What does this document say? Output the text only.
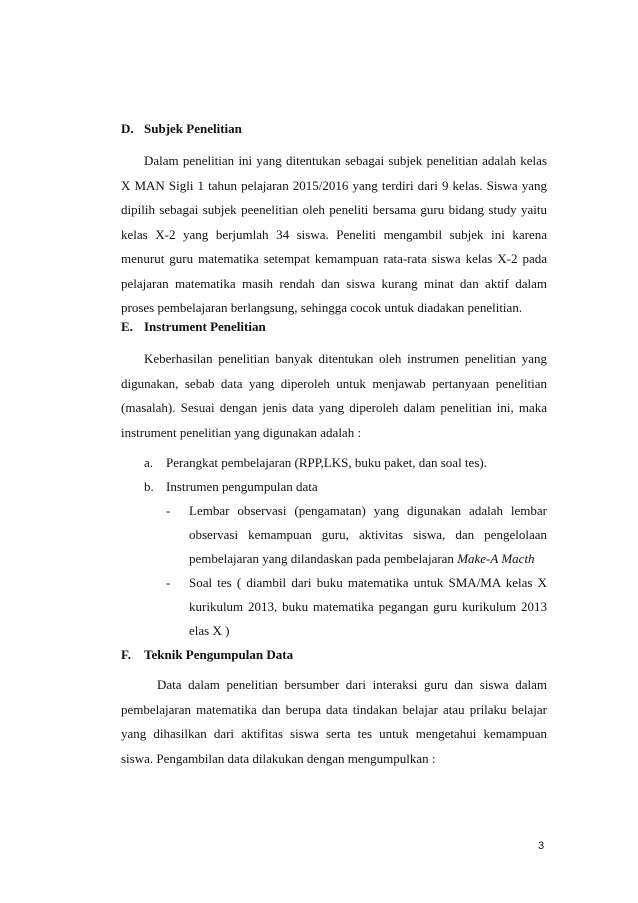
D. Subjek Penelitian

Dalam penelitian ini yang ditentukan sebagai subjek penelitian adalah kelas X MAN Sigli 1 tahun pelajaran 2015/2016 yang terdiri dari 9 kelas. Siswa yang dipilih sebagai subjek peenelitian oleh peneliti bersama guru bidang study yaitu kelas X-2 yang berjumlah 34 siswa. Peneliti mengambil subjek ini karena menurut guru matematika setempat kemampuan rata-rata siswa kelas X-2 pada pelajaran matematika masih rendah dan siswa kurang minat dan aktif dalam proses pembelajaran berlangsung, sehingga cocok untuk diadakan penelitian.

E. Instrument Penelitian

Keberhasilan penelitian banyak ditentukan oleh instrumen penelitian yang digunakan, sebab data yang diperoleh untuk menjawab pertanyaan penelitian (masalah). Sesuai dengan jenis data yang diperoleh dalam penelitian ini, maka instrument penelitian yang digunakan adalah :

a. Perangkat pembelajaran (RPP,LKS, buku paket, dan soal tes).
b. Instrumen pengumpulan data
- Lembar observasi (pengamatan) yang digunakan adalah lembar
observasi kemampuan guru, aktivitas siswa, dan pengelolaan
pembelajaran yang dilandaskan pada pembelajaran Make-A Macth
- Soal tes ( diambil dari buku matematika untuk SMA/MA kelas X
kurikulum 2013, buku matematika pegangan guru kurikulum 2013
elas X )
F. Teknik Pengumpulan Data

Data dalam penelitian bersumber dari interaksi guru dan siswa dalam pembelajaran matematika dan berupa data tindakan belajar atau prilaku belajar yang dihasilkan dari aktifitas siswa serta tes untuk mengetahui kemampuan siswa. Pengambilan data dilakukan dengan mengumpulkan :

3
